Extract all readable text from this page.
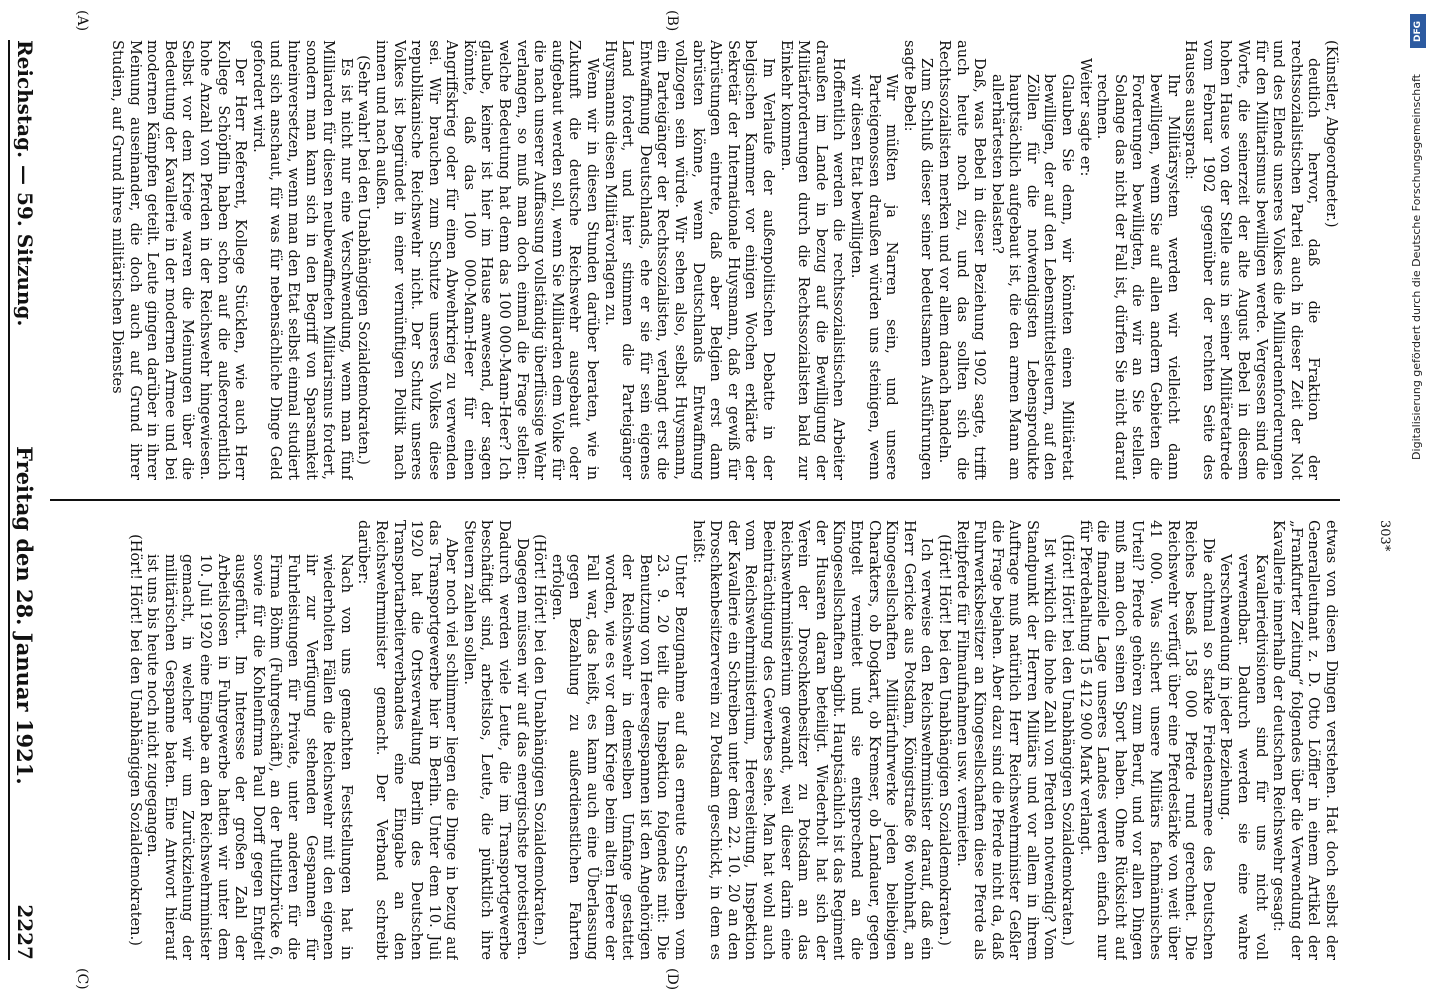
Reichstag. — 59. Sitzung.
Freitag den 28. Januar 1921.
2227
(A)	(B)
(C)	(D)

(Künstler, Abgeordneter.)

deutlich hervor, daß die Fraktion der rechtssozialistischen Partei auch in dieser Zeit der Not und des Elends unseres Volkes die Milliardenforderungen für den Militarismus bewilligen werde. Vergessen sind die Worte, die seinerzeit der alte August Bebel in diesem hohen Hause von der Stelle aus in seiner Militäretatrede vom Februar 1902 gegenüber der rechten Seite des Hauses aussprach:

Ihr Militärsystem werden wir vielleicht dann bewilligen, wenn Sie auf allen andern Gebieten die Forderungen bewilligten, die wir an Sie stellen. Solange das nicht der Fall ist, dürfen Sie nicht darauf rechnen.

Weiter sagte er:

Glauben Sie denn, wir könnten einen Militäretat bewilligen, der auf den Lebensmittelsteuern, auf den Zöllen für die notwendigsten Lebensprodukte hauptsächlich aufgebaut ist, die den armen Mann am allerhärtesten belasten?

Daß, was Bebel in dieser Beziehung 1902 sagte, trifft auch heute noch zu, und das sollten sich die Rechtssozialisten merken und vor allem danach handeln.

Zum Schluß dieser seiner bedeutsamen Ausführungen sagte Bebel:

Wir müßten ja Narren sein, und unsere Parteigenossen draußen würden uns steinigen, wenn wir diesen Etat bewilligten.

Hoffentlich werden die rechtssozialistischen Arbeiter draußen im Lande in bezug auf die Bewilligung der Militärforderungen durch die Rechtssozialisten bald zur Einkehr kommen.

Im Verlaufe der außenpolitischen Debatte in der belgischen Kammer vor einigen Wochen erklärte der Sekretär der Internationale Huysmann, daß er gewiß für Abrüstungen eintrete, daß aber Belgien erst dann abrüsten könne, wenn Deutschlands Entwaffnung vollzogen sein würde. Wir sehen also, selbst Huysmann, ein Parteigänger der Rechtssozialisten, verlangt erst die Entwaffnung Deutschlands, ehe er sie für sein eigenes Land fordert, und hier stimmen die Parteigänger Huysmanns diesen Militärvorlagen zu.

Wenn wir in diesen Stunden darüber beraten, wie in Zukunft die deutsche Reichswehr ausgebaut oder aufgebaut werden soll, wenn Sie Milliarden dem Volke für die nach unserer Auffassung vollständig überflüssige Wehr verlangen, so muß man doch einmal die Frage stellen: welche Bedeutung hat denn das 100 000-Mann-Heer? Ich glaube, keiner ist hier im Hause anwesend, der sagen könnte, daß das 100 000-Mann-Heer für einen Angriffskrieg oder für einen Abwehrkrieg zu verwenden sei. Wir brauchen zum Schutze unseres Volkes diese republikanische Reichswehr nicht. Der Schutz unseres Volkes ist begründet in einer vernünftigen Politik nach innen und nach außen.

(Sehr wahr! bei den Unabhängigen Sozialdemokraten.)

Es ist nicht nur eine Verschwendung, wenn man fünf Milliarden für diesen neubewaffneten Militarismus fordert, sondern man kann sich in den Begriff von Sparsamkeit hineinversetzen, wenn man den Etat selbst einmal studiert und sich anschaut, für was für nebensächliche Dinge Geld gefordert wird.

Der Herr Referent, Kollege Stücklen, wie auch Herr Kollege Schöpflin haben schon auf die außerordentlich hohe Anzahl von Pferden in der Reichswehr hingewiesen. Selbst vor dem Kriege waren die Meinungen über die Bedeutung der Kavallerie in der modernen Armee und bei modernen Kämpfen geteilt. Leute gingen darüber in ihrer Meinung auseinander, die doch auch auf Grund ihrer Studien, auf Grund ihres militärischen Dienstes

etwas von diesen Dingen verstehen. Hat doch selbst der Generalleutnant z. D. Otto Löffler in einem Artikel der „Frankfurter Zeitung“ folgendes über die Verwendung der Kavallerie innerhalb der deutschen Reichswehr gesagt:

Kavalleriedivisionen sind für uns nicht voll verwendbar. Dadurch werden sie eine wahre Verschwendung in jeder Beziehung.

Die achtmal so starke Friedensarmee des Deutschen Reiches besaß 158 000 Pferde rund gerechnet. Die Reichswehr verfügt über eine Pferdestärke von weit über 41 000. Was sichert unsere Militärs fachmännisches Urteil? Pferde gehören zum Beruf, und vor allen Dingen muß man doch seinen Sport haben. Ohne Rücksicht auf die finanzielle Lage unseres Landes werden einfach nur für Pferdehaltung 15 412 900 Mark verlangt.

(Hört! Hört! bei den Unabhängigen Sozialdemokraten.)

Ist wirklich die hohe Zahl von Pferden notwendig? Vom Standpunkt der Herren Militärs und vor allem in ihrem Auftrage muß natürlich Herr Reichswehrminister Geßler die Frage bejahen. Aber dazu sind die Pferde nicht da, daß Fuhrwerksbesitzer an Kinogesellschaften diese Pferde als Reitpferde für Filmaufnahmen usw. vermieten.

(Hört! Hört! bei den Unabhängigen Sozialdemokraten.)

Ich verweise den Reichswehrminister darauf, daß ein Herr Gericke aus Potsdam, Königstraße 86 wohnhaft, an Kinogesellschaften Militärfuhrwerke jeden beliebigen Charakters, ob Dogkart, ob Kremser, ob Landauer, gegen Entgelt vermietet und sie entsprechend an die Kinogesellschaften abgibt. Hauptsächlich ist das Regiment der Husaren daran beteiligt. Wiederholt hat sich der Verein der Droschkenbesitzer zu Potsdam an das Reichswehrministerium gewandt, weil dieser darin eine Beeinträchtigung des Gewerbes sehe. Man hat wohl auch vom Reichswehrministerium, Heeresleitung, Inspektion der Kavallerie ein Schreiben unter dem 22. 10. 20 an den Droschkenbesitzerverein zu Potsdam geschickt, in dem es heißt:

Unter Bezugnahme auf das erneute Schreiben vom 23. 9. 20 teilt die Inspektion folgendes mit: Die Benutzung von Heeresgespannen ist den Angehörigen der Reichswehr in demselben Umfange gestattet worden, wie es vor dem Kriege beim alten Heere der Fall war, das heißt, es kann auch eine Überlassung gegen Bezahlung zu außerdienstlichen Fahrten erfolgen.

(Hört! Hört! bei den Unabhängigen Sozialdemokraten.)

Dagegen müssen wir auf das energischste protestieren. Dadurch werden viele Leute, die im Transportgewerbe beschäftigt sind, arbeitslos, Leute, die pünktlich ihre Steuern zahlen sollen.

Aber noch viel schlimmer liegen die Dinge in bezug auf das Transportgewerbe hier in Berlin. Unter dem 10. Juli 1920 hat die Ortsverwaltung Berlin des Deutschen Transportarbeiterverbandes eine Eingabe an den Reichswehrminister gemacht. Der Verband schreibt darüber:

Nach von uns gemachten Feststellungen hat in wiederholten Fällen die Reichswehr mit den eigenen ihr zur Verfügung stehenden Gespannen für Fuhrleistungen für Private, unter anderen für die Firma Böhm (Fuhrgeschäft), an der Putlitzbrücke 6, sowie für die Kohlenfirma Paul Dorff gegen Entgelt ausgeführt. Im Interesse der großen Zahl der Arbeitslosen in Fuhrgewerbe hatten wir unter dem 10. Juli 1920 eine Eingabe an den Reichswehrminister gemacht, in welcher wir um Zurückziehung der militärischen Gespanne baten. Eine Antwort hierauf ist uns bis heute noch nicht zugegangen.

(Hört! Hört! bei den Unabhängigen Sozialdemokraten.)	303*
DFG
Digitalisierung gefördert durch die Deutsche Forschungsgemeinschaft
